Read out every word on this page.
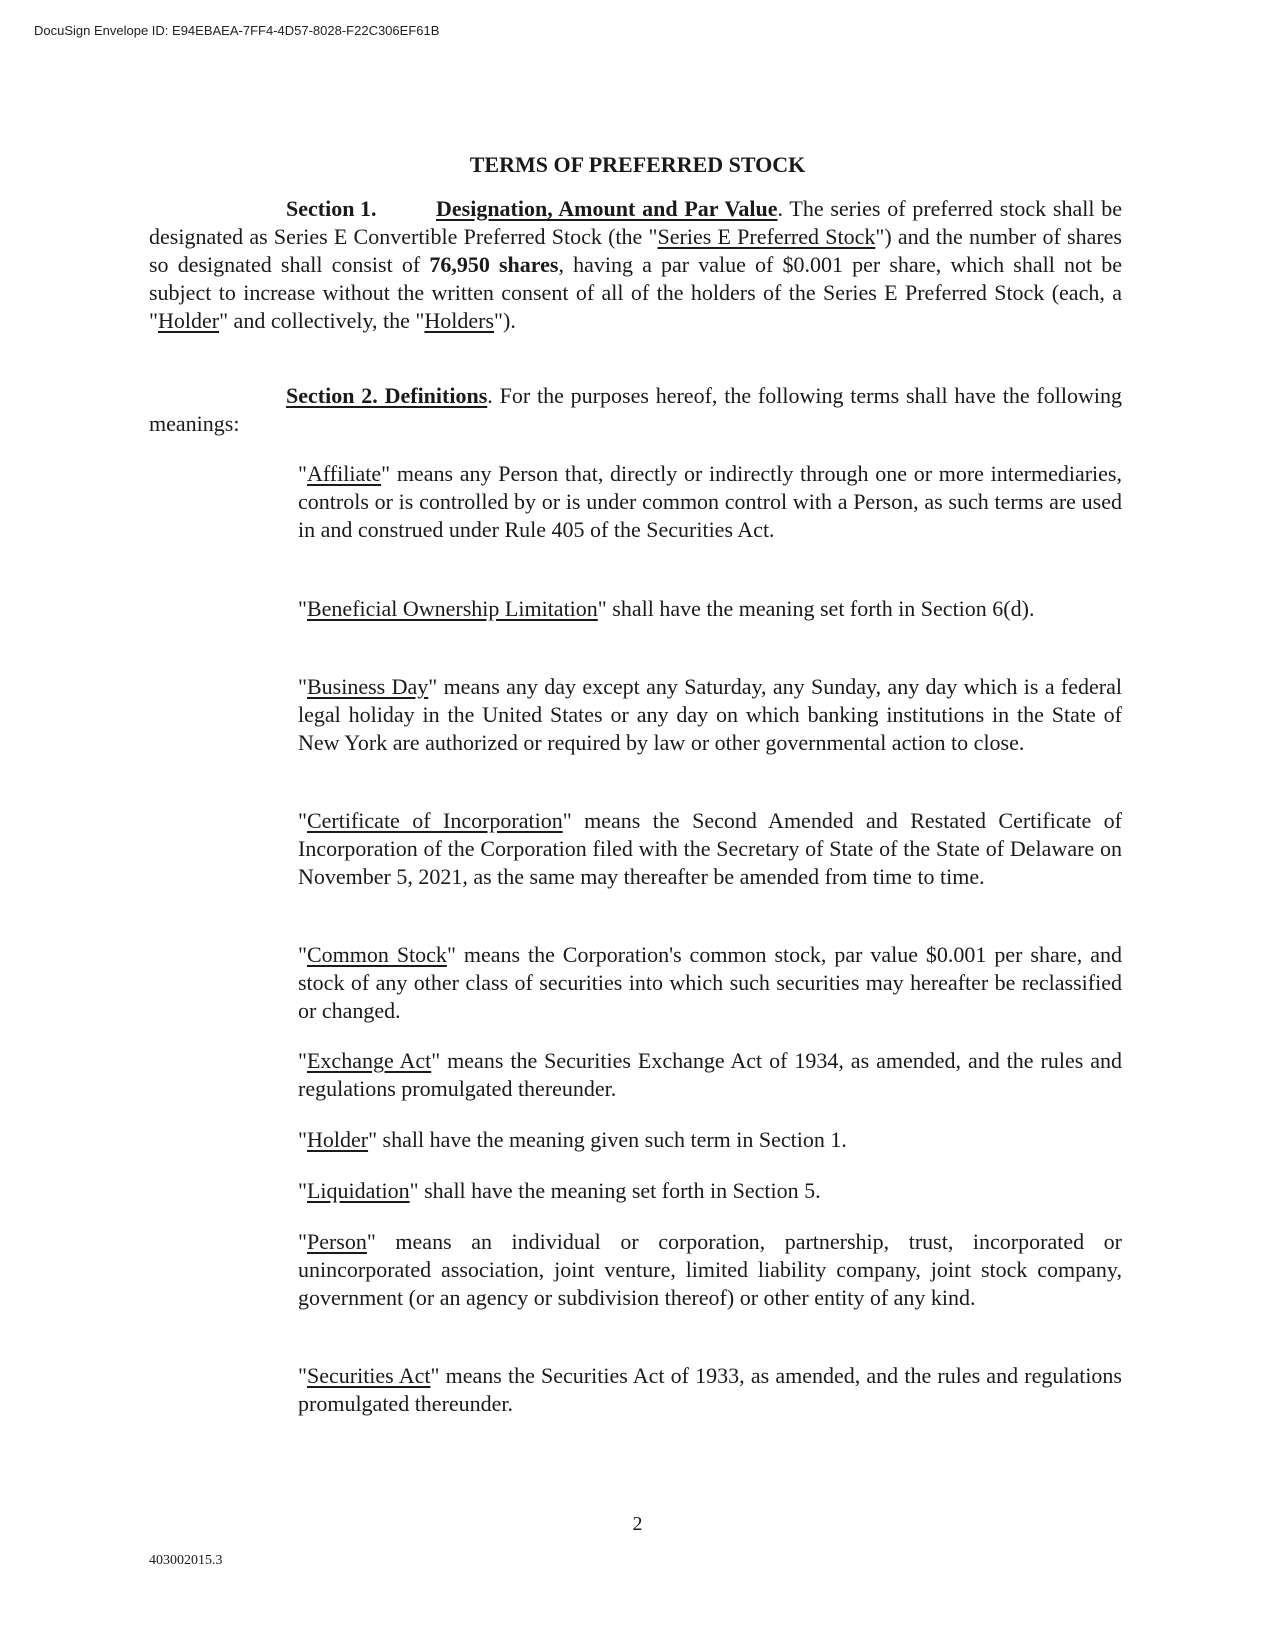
DocuSign Envelope ID: E94EBAEA-7FF4-4D57-8028-F22C306EF61B
TERMS OF PREFERRED STOCK

Section 1.	Designation, Amount and Par Value. The series of preferred stock shall be designated as Series E Convertible Preferred Stock (the "Series E Preferred Stock") and the number of shares so designated shall consist of 76,950 shares, having a par value of $0.001 per share, which shall not be subject to increase without the written consent of all of the holders of the Series E Preferred Stock (each, a "Holder" and collectively, the "Holders").

Section 2. Definitions. For the purposes hereof, the following terms shall have the following meanings:

"Affiliate" means any Person that, directly or indirectly through one or more intermediaries, controls or is controlled by or is under common control with a Person, as such terms are used in and construed under Rule 405 of the Securities Act.

"Beneficial Ownership Limitation" shall have the meaning set forth in Section 6(d).

"Business Day" means any day except any Saturday, any Sunday, any day which is a federal legal holiday in the United States or any day on which banking institutions in the State of New York are authorized or required by law or other governmental action to close.

"Certificate of Incorporation" means the Second Amended and Restated Certificate of Incorporation of the Corporation filed with the Secretary of State of the State of Delaware on November 5, 2021, as the same may thereafter be amended from time to time.

"Common Stock" means the Corporation's common stock, par value $0.001 per share, and stock of any other class of securities into which such securities may hereafter be reclassified or changed.

"Exchange Act" means the Securities Exchange Act of 1934, as amended, and the rules and regulations promulgated thereunder.

"Holder" shall have the meaning given such term in Section 1.

"Liquidation" shall have the meaning set forth in Section 5.

"Person" means an individual or corporation, partnership, trust, incorporated or unincorporated association, joint venture, limited liability company, joint stock company, government (or an agency or subdivision thereof) or other entity of any kind.

"Securities Act" means the Securities Act of 1933, as amended, and the rules and regulations promulgated thereunder.

2
403002015.3
